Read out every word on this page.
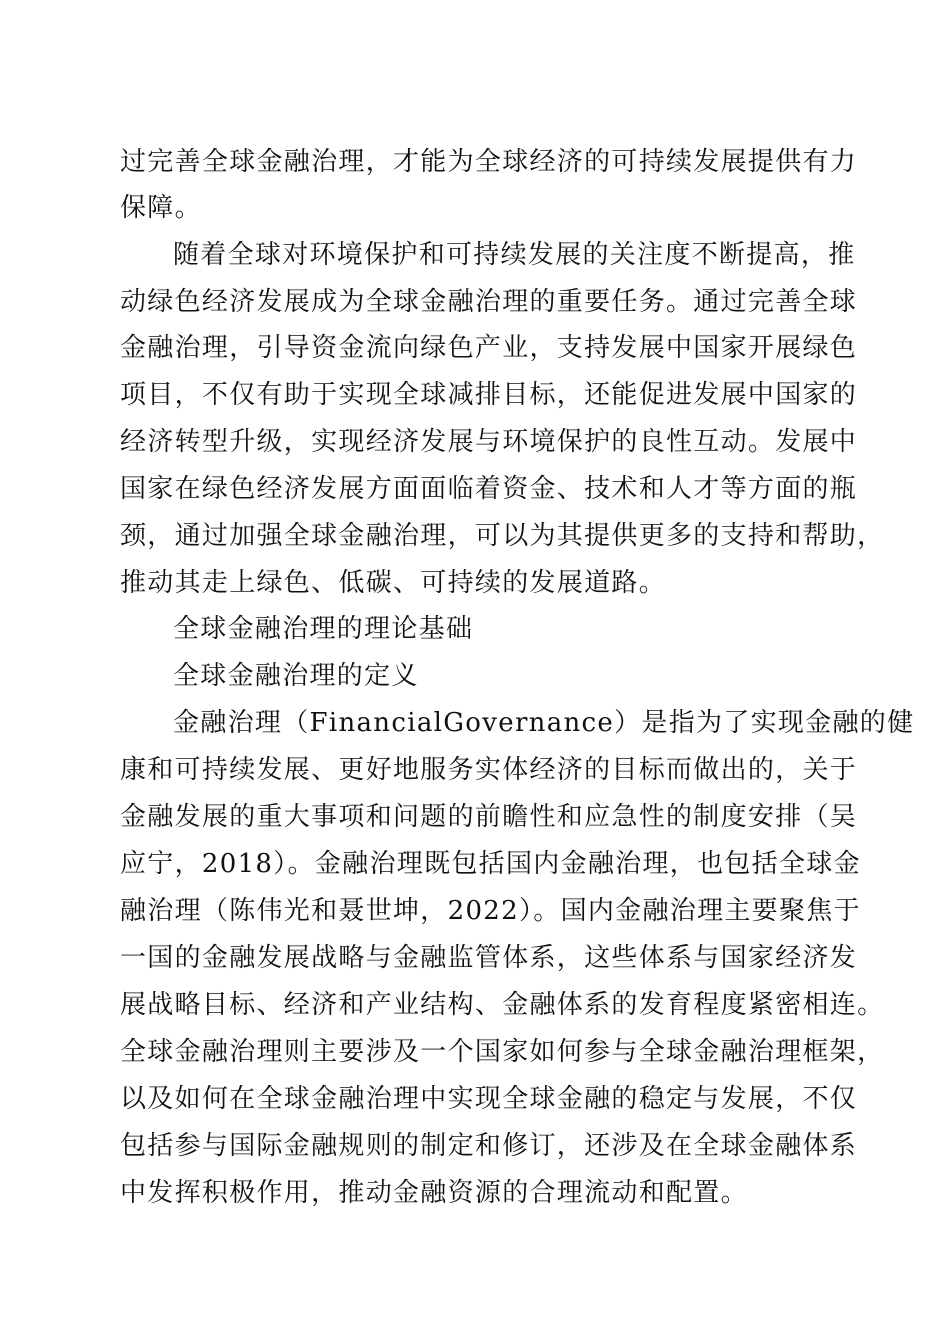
过完善全球金融治理，才能为全球经济的可持续发展提供有力
保障。
随着全球对环境保护和可持续发展的关注度不断提高，推
动绿色经济发展成为全球金融治理的重要任务。通过完善全球
金融治理，引导资金流向绿色产业，支持发展中国家开展绿色
项目，不仅有助于实现全球减排目标，还能促进发展中国家的
经济转型升级，实现经济发展与环境保护的良性互动。发展中
国家在绿色经济发展方面面临着资金、技术和人才等方面的瓶
颈，通过加强全球金融治理，可以为其提供更多的支持和帮助，
推动其走上绿色、低碳、可持续的发展道路。
全球金融治理的理论基础
全球金融治理的定义
金融治理（FinancialGovernance）是指为了实现金融的健
康和可持续发展、更好地服务实体经济的目标而做出的，关于
金融发展的重大事项和问题的前瞻性和应急性的制度安排（吴
应宁，2018）。金融治理既包括国内金融治理，也包括全球金
融治理（陈伟光和聂世坤，2022）。国内金融治理主要聚焦于
一国的金融发展战略与金融监管体系，这些体系与国家经济发
展战略目标、经济和产业结构、金融体系的发育程度紧密相连。
全球金融治理则主要涉及一个国家如何参与全球金融治理框架，
以及如何在全球金融治理中实现全球金融的稳定与发展，不仅
包括参与国际金融规则的制定和修订，还涉及在全球金融体系
中发挥积极作用，推动金融资源的合理流动和配置。
